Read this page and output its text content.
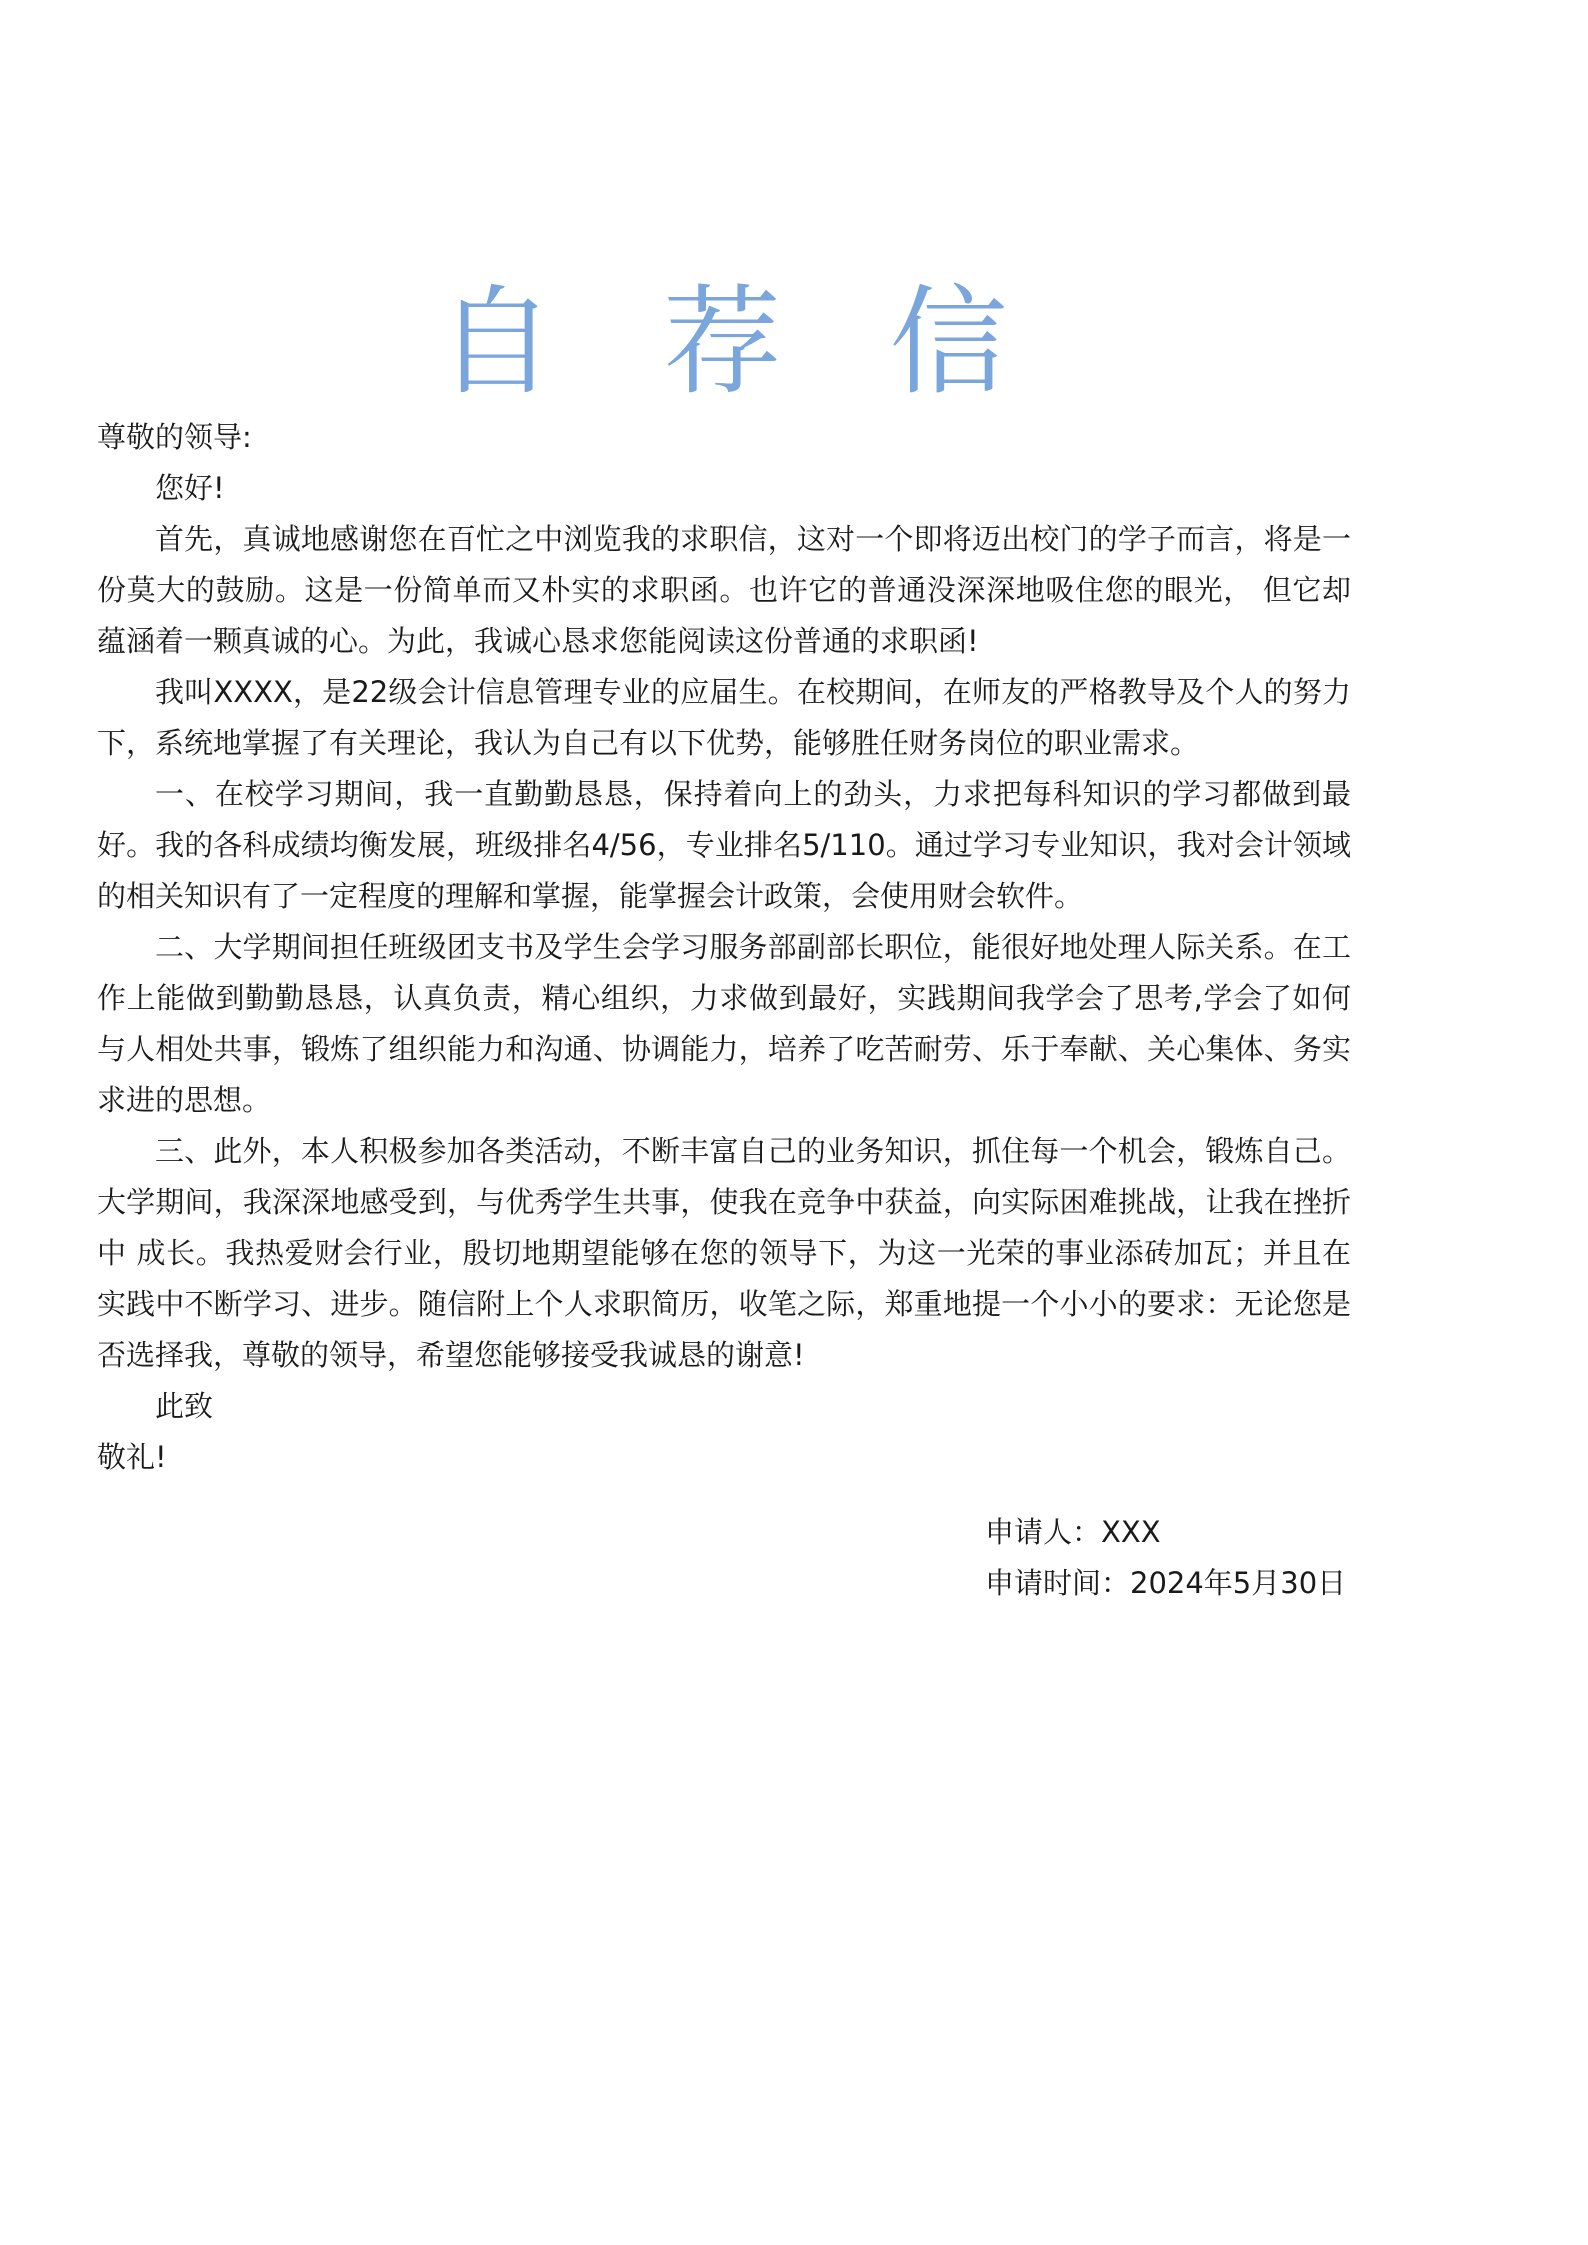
自 荐 信

尊敬的领导:

您好!

首先，真诚地感谢您在百忙之中浏览我的求职信，这对一个即将迈出校门的学子而言，将是一份莫大的鼓励。这是一份简单而又朴实的求职函。也许它的普通没深深地吸住您的眼光， 但它却蕴涵着一颗真诚的心。为此，我诚心恳求您能阅读这份普通的求职函!

我叫XXXX，是22级会计信息管理专业的应届生。在校期间，在师友的严格教导及个人的努力下，系统地掌握了有关理论，我认为自己有以下优势，能够胜任财务岗位的职业需求。

一、在校学习期间，我一直勤勤恳恳，保持着向上的劲头，力求把每科知识的学习都做到最好。我的各科成绩均衡发展，班级排名4/56，专业排名5/110。通过学习专业知识，我对会计领域的相关知识有了一定程度的理解和掌握，能掌握会计政策，会使用财会软件。

二、大学期间担任班级团支书及学生会学习服务部副部长职位，能很好地处理人际关系。在工作上能做到勤勤恳恳，认真负责，精心组织，力求做到最好，实践期间我学会了思考,学会了如何与人相处共事，锻炼了组织能力和沟通、协调能力，培养了吃苦耐劳、乐于奉献、关心集体、务实求进的思想。

三、此外，本人积极参加各类活动，不断丰富自己的业务知识，抓住每一个机会，锻炼自己。大学期间，我深深地感受到，与优秀学生共事，使我在竞争中获益，向实际困难挑战，让我在挫折中 成长。我热爱财会行业，殷切地期望能够在您的领导下，为这一光荣的事业添砖加瓦；并且在实践中不断学习、进步。随信附上个人求职简历，收笔之际，郑重地提一个小小的要求：无论您是否选择我，尊敬的领导，希望您能够接受我诚恳的谢意!

此致

敬礼!

申请人：XXX

申请时间：2024年5月30日
